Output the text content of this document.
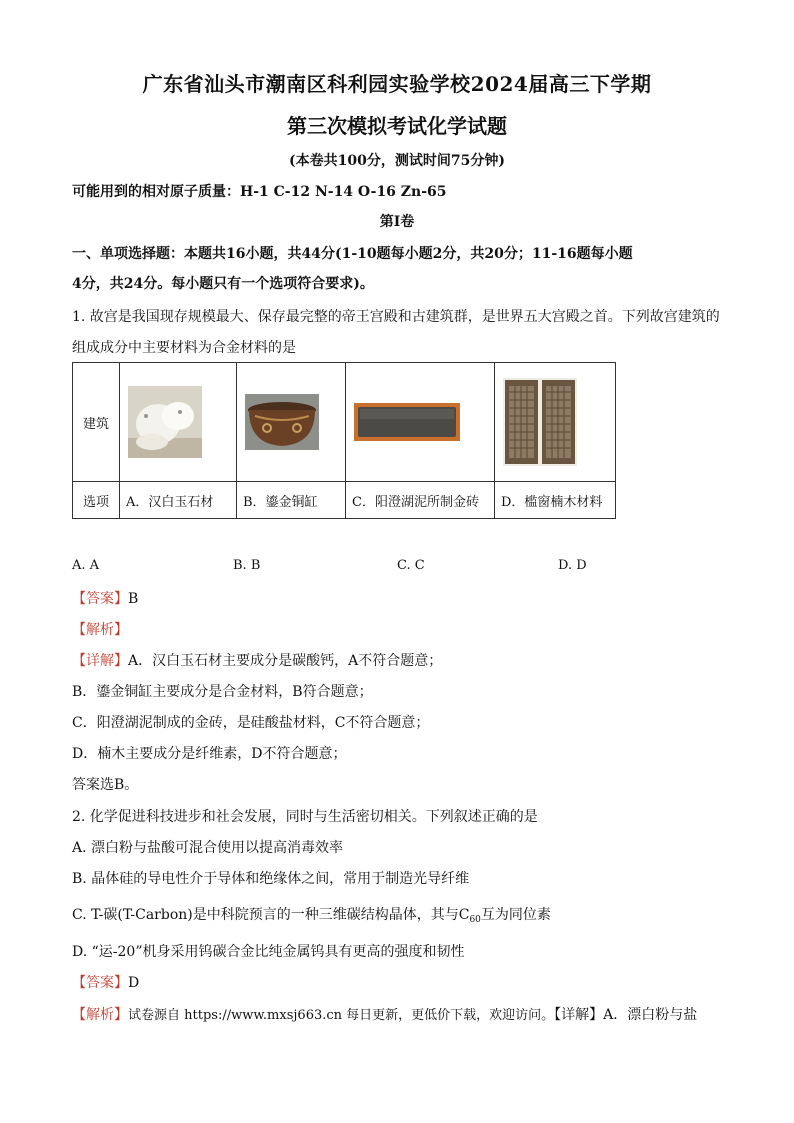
广东省汕头市潮南区科利园实验学校2024届高三下学期
第三次模拟考试化学试题
(本卷共100分，测试时间75分钟)
可能用到的相对原子质量：H-1 C-12 N-14 O-16 Zn-65
第Ⅰ卷
一、单项选择题：本题共16小题，共44分(1-10题每小题2分，共20分；11-16题每小题
4分，共24分。每小题只有一个选项符合要求)。
1. 故宫是我国现存规模最大、保存最完整的帝王宫殿和古建筑群，是世界五大宫殿之首。下列故宫建筑的
组成成分中主要材料为合金材料的是
建筑	

选项	A．汉白玉石材	B．鎏金铜缸	C．阳澄湖泥所制金砖	D．槛窗楠木材料
A. A	B. B	C. C	D. D
【答案】B
【解析】
【详解】A．汉白玉石材主要成分是碳酸钙，A不符合题意；
B．鎏金铜缸主要成分是合金材料，B符合题意；
C．阳澄湖泥制成的金砖，是硅酸盐材料，C不符合题意；
D．楠木主要成分是纤维素，D不符合题意；
答案选B。
2. 化学促进科技进步和社会发展，同时与生活密切相关。下列叙述正确的是
A. 漂白粉与盐酸可混合使用以提高消毒效率
B. 晶体硅的导电性介于导体和绝缘体之间，常用于制造光导纤维
C. T-碳(T-Carbon)是中科院预言的一种三维碳结构晶体，其与$C_{60}$互为同位素
D. “运-20”机身采用钨碳合金比纯金属钨具有更高的强度和韧性
【答案】D
【解析】试卷源自 https://www.mxsj663.cn 每日更新，更低价下载，欢迎访问。【详解】A．漂白粉与盐
